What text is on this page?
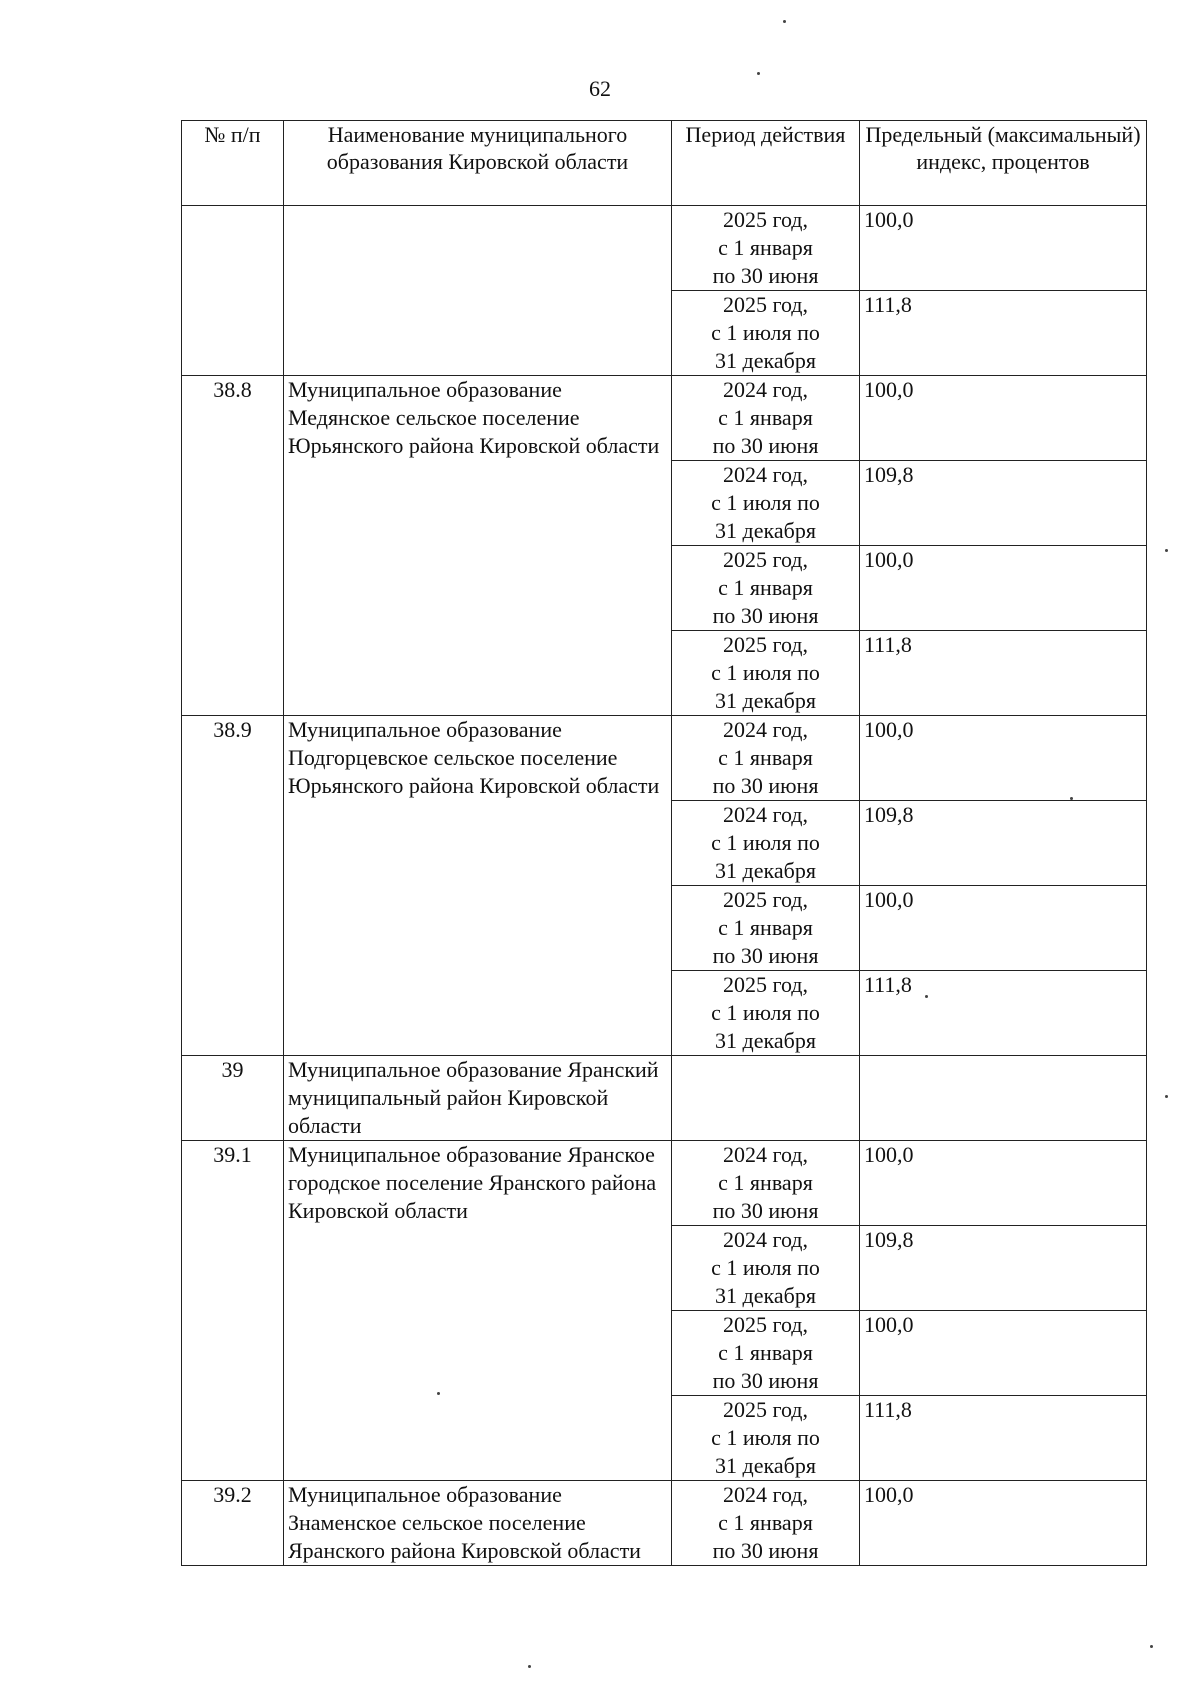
62
№ п/п	Наименование муниципального образования Кировской области	Период действия	Предельный (максимальный) индекс, процентов

		2025 год,
с 1 января
по 30 июня	100,0

		2025 год,
с 1 июля по
31 декабря	111,8
38.8	Муниципальное образование Медянское сельское поселение Юрьянского района Кировской области	2024 год,
с 1 января
по 30 июня	100,0

		2024 год,
с 1 июля по
31 декабря	109,8

		2025 год,
с 1 января
по 30 июня	100,0

		2025 год,
с 1 июля по
31 декабря	111,8
38.9	Муниципальное образование Подгорцевское сельское поселение Юрьянского района Кировской области	2024 год,
с 1 января
по 30 июня	100,0

		2024 год,
с 1 июля по
31 декабря	109,8

		2025 год,
с 1 января
по 30 июня	100,0

		2025 год,
с 1 июля по
31 декабря	111,8
39	Муниципальное образование Яранский муниципальный район Кировской области		
39.1	Муниципальное образование Яранское городское поселение Яранского района Кировской области	2024 год,
с 1 января
по 30 июня	100,0

		2024 год,
с 1 июля по
31 декабря	109,8

		2025 год,
с 1 января
по 30 июня	100,0

		2025 год,
с 1 июля по
31 декабря	111,8
39.2	Муниципальное образование Знаменское сельское поселение Яранского района Кировской области	2024 год,
с 1 января
по 30 июня	100,0
